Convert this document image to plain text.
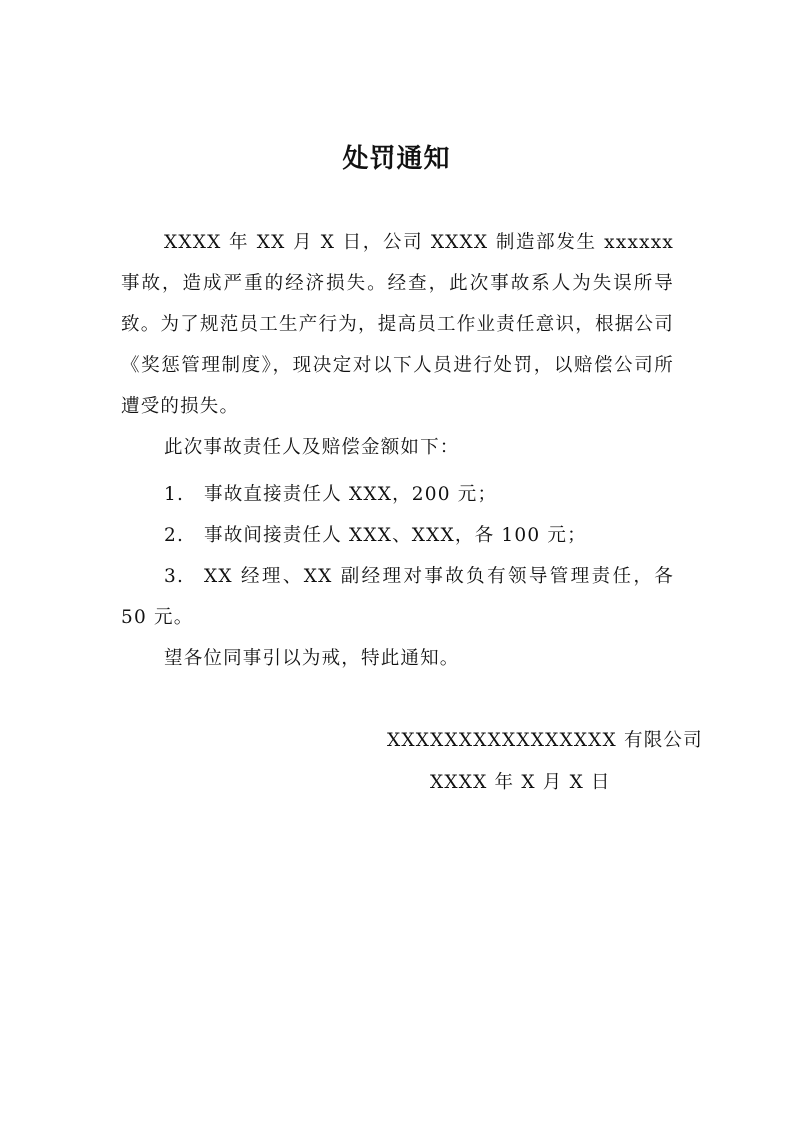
处罚通知

XXXX 年 XX 月 X 日，公司 XXXX 制造部发生 xxxxxx 事故，造成严重的经济损失。经查，此次事故系人为失误所导致。为了规范员工生产行为，提高员工作业责任意识，根据公司《奖惩管理制度》，现决定对以下人员进行处罚，以赔偿公司所遭受的损失。

此次事故责任人及赔偿金额如下：

1. 事故直接责任人 XXX，200 元；

2. 事故间接责任人 XXX、XXX，各 100 元；

3. XX 经理、XX 副经理对事故负有领导管理责任，各 50 元。

望各位同事引以为戒，特此通知。

XXXXXXXXXXXXXXXX 有限公司
XXXX 年 X 月 X 日
